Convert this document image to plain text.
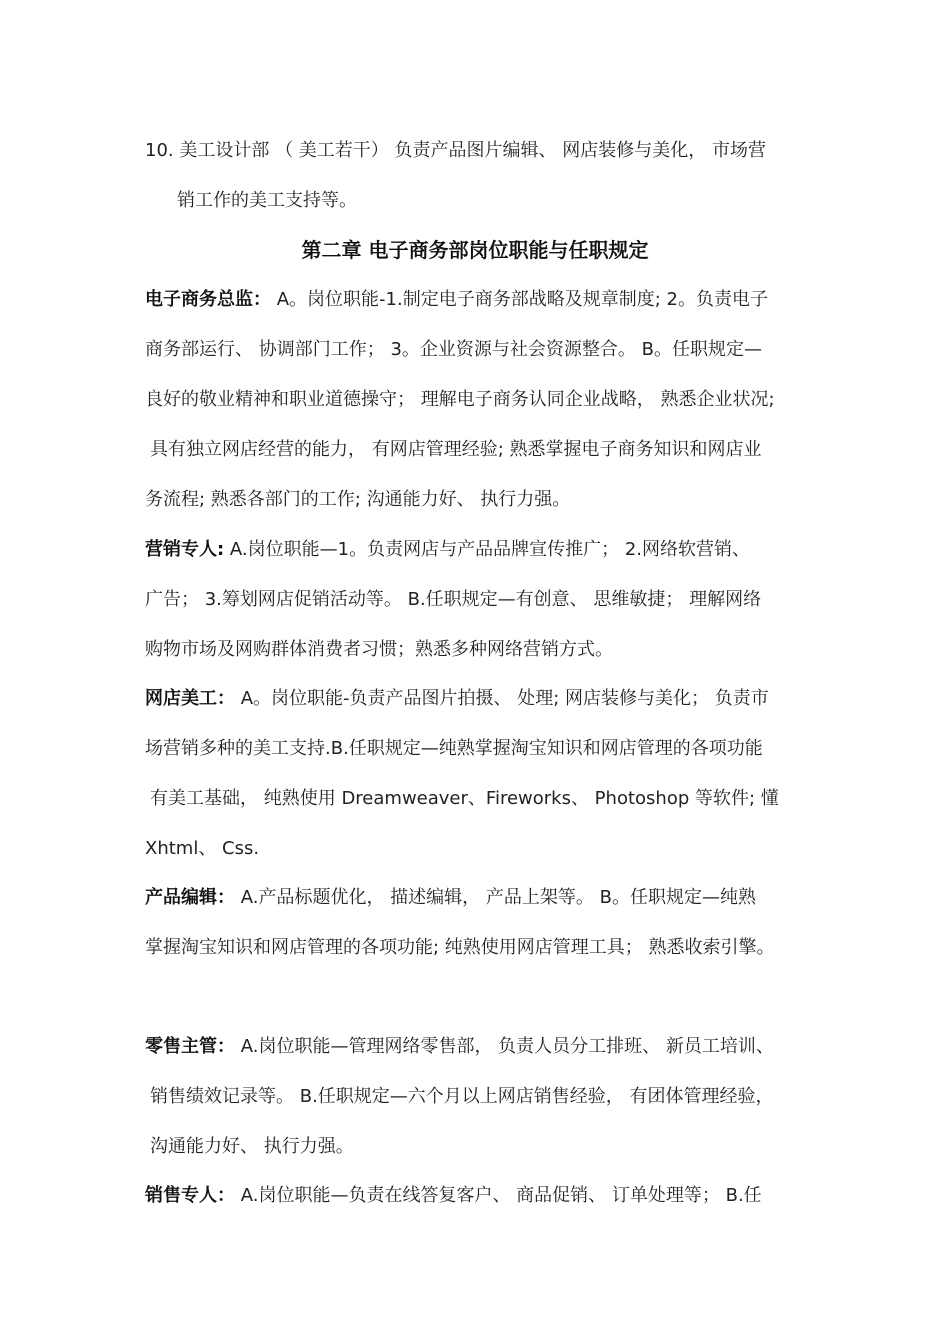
10. 美工设计部 （ 美工若干） 负责产品图片编辑、 网店装修与美化， 市场营
销工作的美工支持等。
第二章 电子商务部岗位职能与任职规定
电子商务总监： A。岗位职能-1.制定电子商务部战略及规章制度; 2。负责电子
商务部运行、 协调部门工作； 3。企业资源与社会资源整合。 B。任职规定—
良好的敬业精神和职业道德操守； 理解电子商务认同企业战略， 熟悉企业状况;
具有独立网店经营的能力， 有网店管理经验; 熟悉掌握电子商务知识和网店业
务流程; 熟悉各部门的工作; 沟通能力好、 执行力强。
营销专人: A.岗位职能—1。负责网店与产品品牌宣传推广； 2.网络软营销、
广告； 3.筹划网店促销活动等。 B.任职规定—有创意、 思维敏捷； 理解网络
购物市场及网购群体消费者习惯；熟悉多种网络营销方式。
网店美工： A。岗位职能-负责产品图片拍摄、 处理; 网店装修与美化； 负责市
场营销多种的美工支持.B.任职规定—纯熟掌握淘宝知识和网店管理的各项功能
有美工基础， 纯熟使用 Dreamweaver、Fireworks、 Photoshop 等软件; 懂
Xhtml、 Css.
产品编辑： A.产品标题优化， 描述编辑， 产品上架等。 B。任职规定—纯熟
掌握淘宝知识和网店管理的各项功能; 纯熟使用网店管理工具； 熟悉收索引擎。
零售主管： A.岗位职能—管理网络零售部， 负责人员分工排班、 新员工培训、
销售绩效记录等。 B.任职规定—六个月以上网店销售经验， 有团体管理经验，
沟通能力好、 执行力强。
销售专人： A.岗位职能—负责在线答复客户、 商品促销、 订单处理等； B.任
